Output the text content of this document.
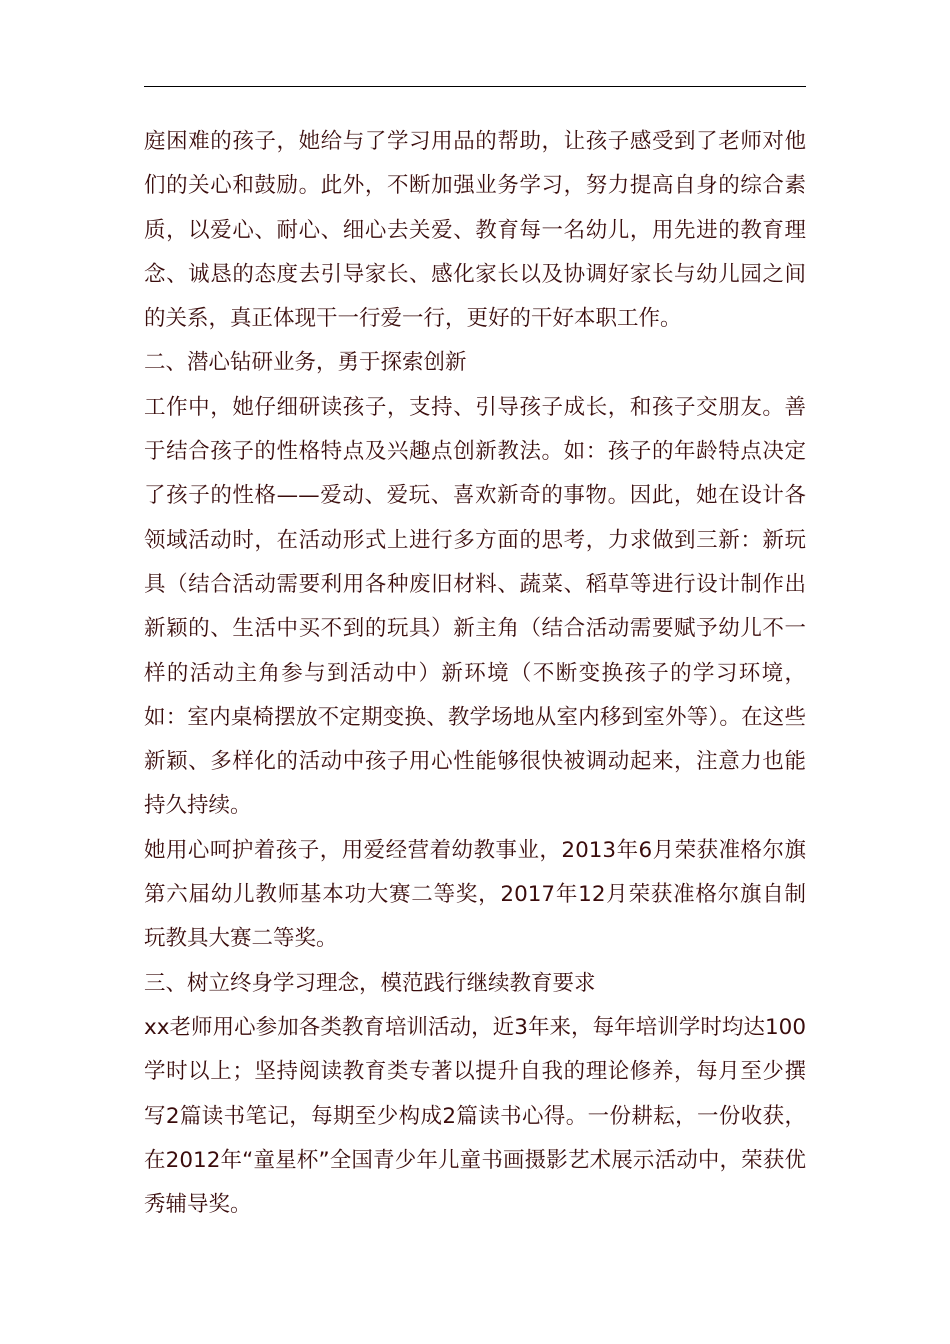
庭困难的孩子，她给与了学习用品的帮助，让孩子感受到了老师对他们的关心和鼓励。此外，不断加强业务学习，努力提高自身的综合素质，以爱心、耐心、细心去关爱、教育每一名幼儿，用先进的教育理念、诚恳的态度去引导家长、感化家长以及协调好家长与幼儿园之间的关系，真正体现干一行爱一行，更好的干好本职工作。

二、潜心钻研业务，勇于探索创新

工作中，她仔细研读孩子，支持、引导孩子成长，和孩子交朋友。善于结合孩子的性格特点及兴趣点创新教法。如：孩子的年龄特点决定了孩子的性格——爱动、爱玩、喜欢新奇的事物。因此，她在设计各领域活动时，在活动形式上进行多方面的思考，力求做到三新：新玩具（结合活动需要利用各种废旧材料、蔬菜、稻草等进行设计制作出新颖的、生活中买不到的玩具）新主角（结合活动需要赋予幼儿不一样的活动主角参与到活动中）新环境（不断变换孩子的学习环境，如：室内桌椅摆放不定期变换、教学场地从室内移到室外等）。在这些新颖、多样化的活动中孩子用心性能够很快被调动起来，注意力也能持久持续。

她用心呵护着孩子，用爱经营着幼教事业，2013年6月荣获准格尔旗第六届幼儿教师基本功大赛二等奖，2017年12月荣获准格尔旗自制玩教具大赛二等奖。

三、树立终身学习理念，模范践行继续教育要求

xx老师用心参加各类教育培训活动，近3年来，每年培训学时均达100学时以上；坚持阅读教育类专著以提升自我的理论修养，每月至少撰写2篇读书笔记，每期至少构成2篇读书心得。一份耕耘，一份收获，在2012年“童星杯”全国青少年儿童书画摄影艺术展示活动中，荣获优秀辅导奖。
